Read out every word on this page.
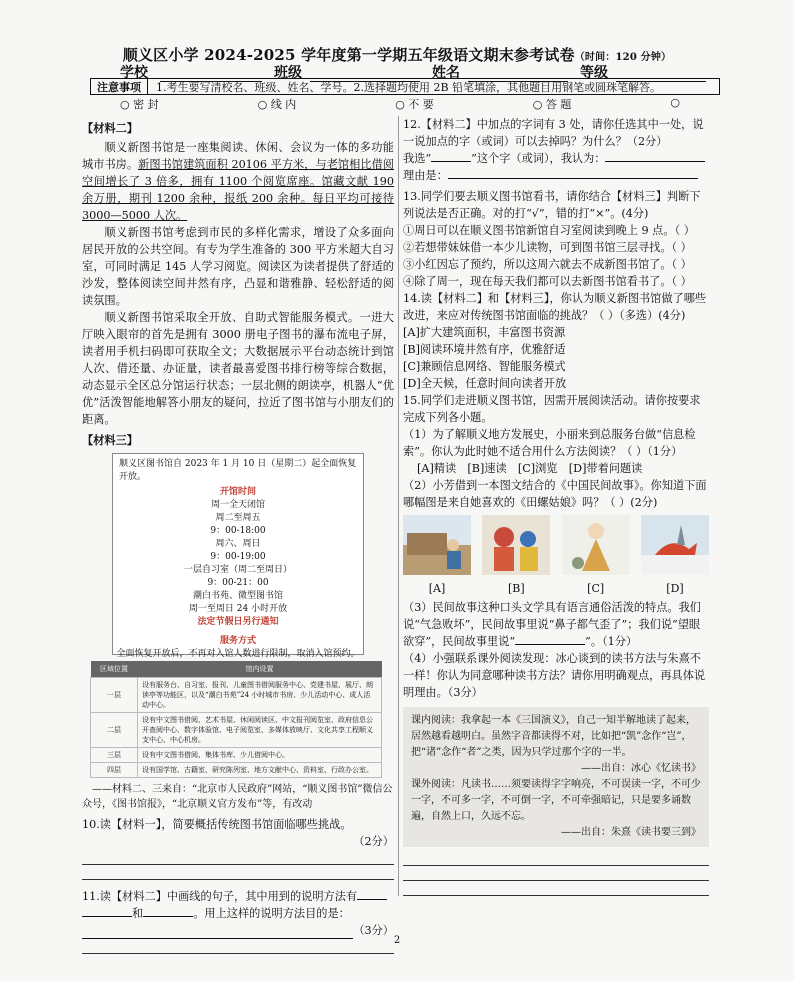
顺义区小学 2024-2025 学年度第一学期五年级语文期末参考试卷（时间：120 分钟）
学校	班级	姓名	等级
注意事项	1.考生要写清校名、班级、姓名、学号。2.选择题均使用 2B 铅笔填涂，其他题目用钢笔或圆珠笔解答。
○ 密 封	○ 线 内	○ 不 要	○ 答 题	○
【材料二】

顺义新图书馆是一座集阅读、休闲、会议为一体的多功能城市书房。新图书馆建筑面积 20106 平方米，与老馆相比借阅空间增长了 3 倍多，拥有 1100 个阅览席座。馆藏文献 190 余万册，期刊 1200 余种，报纸 200 余种。每日平均可接待 3000—5000 人次。

顺义新图书馆考虑到市民的多样化需求，增设了众多面向居民开放的公共空间。有专为学生准备的 300 平方米超大自习室，可同时满足 145 人学习阅览。阅读区为读者提供了舒适的沙发，整体阅读空间井然有序，凸显和谐雅静、轻松舒适的阅读氛围。

顺义新图书馆采取全开放、自助式智能服务模式。一进大厅映入眼帘的首先是拥有 3000 册电子图书的瀑布流电子屏，读者用手机扫码即可获取全文；大数据展示平台动态统计到馆人次、借还量、办证量，读者最喜爱图书排行榜等综合数据，动态显示全区总分馆运行状态；一层北侧的朗读亭，机器人“优优”活泼智能地解答小朋友的疑问，拉近了图书馆与小朋友们的距离。

【材料三】
顺义区图书馆自 2023 年 1 月 10 日（星期二）起全面恢复开放。
开馆时间
周一全天闭馆
周二至周五
9：00-18:00
周六、周日
9：00-19:00
一层自习室（周二至周日）
9：00-21：00
潮白书苑、微型图书馆
周一至周日 24 小时开放
法定节假日另行通知
服务方式
全面恢复开放后，不再对入馆人数进行限制，取消入馆预约。
区域位置	馆内设置
一层	设有服务台、自习室、报刊、儿童图书借阅服务中心、党建书屋、展厅、朗读亭等功能区，以及“潮白书苑”24 小时城市书房、少儿活动中心、成人活动中心。
二层	设有中文图书借阅、艺术书屋、休闲阅读区、中文报刊阅览室、政府信息公开查阅中心、数字体验馆、电子阅览室、多媒体放映厅、文化共享工程顺义支中心、中心机房。
三层	设有中文图书借阅、集体书库、少儿借阅中心。
四层	设有国学馆、古籍室、研究陈列室、地方文献中心、资料室、行政办公室。
——材料二、三来自：“北京市人民政府”网站，“顺义图书馆”微信公众号，《图书馆报》，“北京顺义官方发布”等，有改动

10.读【材料一】，简要概括传统图书馆面临哪些挑战。

（2分）

11.读【材料二】中画线的句子，其中用到的说明方法有
和	。用上这样的说明方法目的是：

（3分）

12.【材料二】中加点的字词有 3 处，请你任选其中一处，说一说加点的字（或词）可以去掉吗？为什么？（2分）

我选“	”这个字（或词），我认为：

理由是：

13.同学们要去顺义图书馆看书，请你结合【材料三】判断下列说法是否正确。对的打“√”，错的打“×”。(4分)

①周日可以在顺义图书馆新馆自习室阅读到晚上 9 点。（ ）

②若想带妹妹借一本少儿读物，可到图书馆三层寻找。（ ）

③小红因忘了预约，所以这周六就去不成新图书馆了。（ ）

④除了周一，现在每天我们都可以去新图书馆看书了。（ ）

14.读【材料二】和【材料三】，你认为顺义新图书馆做了哪些改进，来应对传统图书馆面临的挑战？（ ）（多选）(4分)

[A]扩大建筑面积，丰富图书资源

[B]阅读环境井然有序，优雅舒适

[C]兼顾信息网络、智能服务模式

[D]全天候，任意时间向读者开放

15.同学们走进顺义图书馆，因需开展阅读活动。请你按要求完成下列各小题。

（1）为了解顺义地方发展史，小丽来到总服务台做“信息检索”。你认为此时她不适合用什么方法阅读？（ ）（1分）

[A]精读　[B]速读　[C]浏览　[D]带着问题读

（2）小芳借到一本图文结合的《中国民间故事》。你知道下面哪幅图是来自她喜欢的《田螺姑娘》吗？（ ）(2分)

[A]	[B]	[C]	[D]

（3）民间故事这种口头文学具有语言通俗活泼的特点。我们说“气急败坏”，民间故事里说“鼻子都气歪了”；我们说“望眼欲穿”，民间故事里说“	”。（1分）

（4）小强联系课外阅读发现：冰心谈到的读书方法与朱熹不一样！你认为同意哪种读书方法？请你用明确观点，再具体说明理由。（3分）

课内阅读：我拿起一本《三国演义》，自己一知半解地读了起来，居然越看越明白。虽然字音都读得不对，比如把“凯”念作“岂”，把“诸”念作“者”之类，因为只学过那个字的一半。

——出自：冰心《忆读书》

课外阅读：凡读书……须要读得字字响亮，不可误读一字，不可少一字，不可多一字，不可倒一字，不可牵强暗记，只是要多诵数遍，自然上口，久远不忘。

——出自：朱熹《读书要三到》

2
